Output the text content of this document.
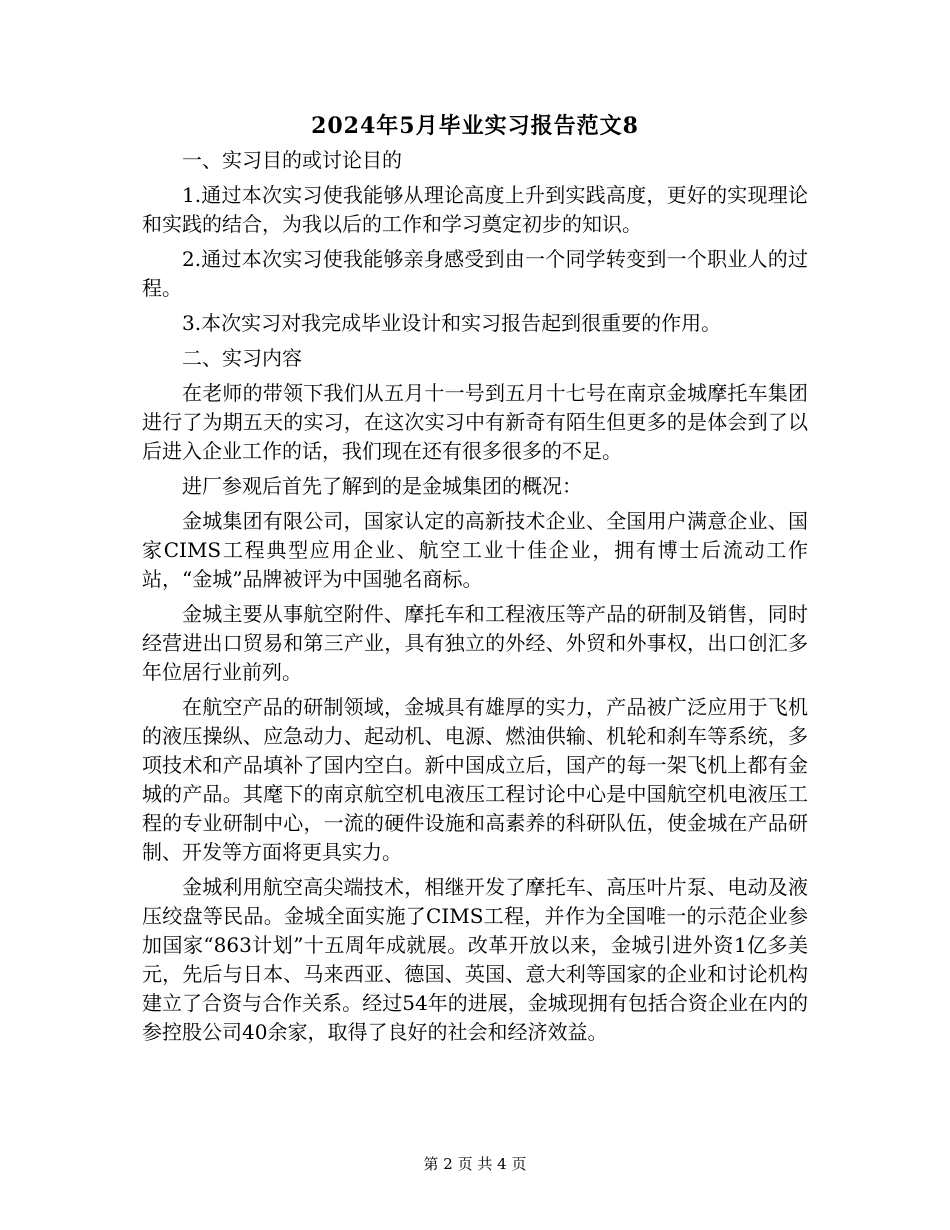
2024年5月毕业实习报告范文8

一、实习目的或讨论目的

1.通过本次实习使我能够从理论高度上升到实践高度，更好的实现理论和实践的结合，为我以后的工作和学习奠定初步的知识。

2.通过本次实习使我能够亲身感受到由一个同学转变到一个职业人的过程。

3.本次实习对我完成毕业设计和实习报告起到很重要的作用。

二、实习内容

在老师的带领下我们从五月十一号到五月十七号在南京金城摩托车集团进行了为期五天的实习，在这次实习中有新奇有陌生但更多的是体会到了以后进入企业工作的话，我们现在还有很多很多的不足。

进厂参观后首先了解到的是金城集团的概况：

金城集团有限公司，国家认定的高新技术企业、全国用户满意企业、国家CIMS工程典型应用企业、航空工业十佳企业，拥有博士后流动工作站，“金城”品牌被评为中国驰名商标。

金城主要从事航空附件、摩托车和工程液压等产品的研制及销售，同时经营进出口贸易和第三产业，具有独立的外经、外贸和外事权，出口创汇多年位居行业前列。

在航空产品的研制领域，金城具有雄厚的实力，产品被广泛应用于飞机的液压操纵、应急动力、起动机、电源、燃油供输、机轮和刹车等系统，多项技术和产品填补了国内空白。新中国成立后，国产的每一架飞机上都有金城的产品。其麾下的南京航空机电液压工程讨论中心是中国航空机电液压工程的专业研制中心，一流的硬件设施和高素养的科研队伍，使金城在产品研制、开发等方面将更具实力。

金城利用航空高尖端技术，相继开发了摩托车、高压叶片泵、电动及液压绞盘等民品。金城全面实施了CIMS工程，并作为全国唯一的示范企业参加国家“863计划”十五周年成就展。改革开放以来，金城引进外资1亿多美元，先后与日本、马来西亚、德国、英国、意大利等国家的企业和讨论机构建立了合资与合作关系。经过54年的进展，金城现拥有包括合资企业在内的参控股公司40余家，取得了良好的社会和经济效益。

第 2 页 共 4 页
